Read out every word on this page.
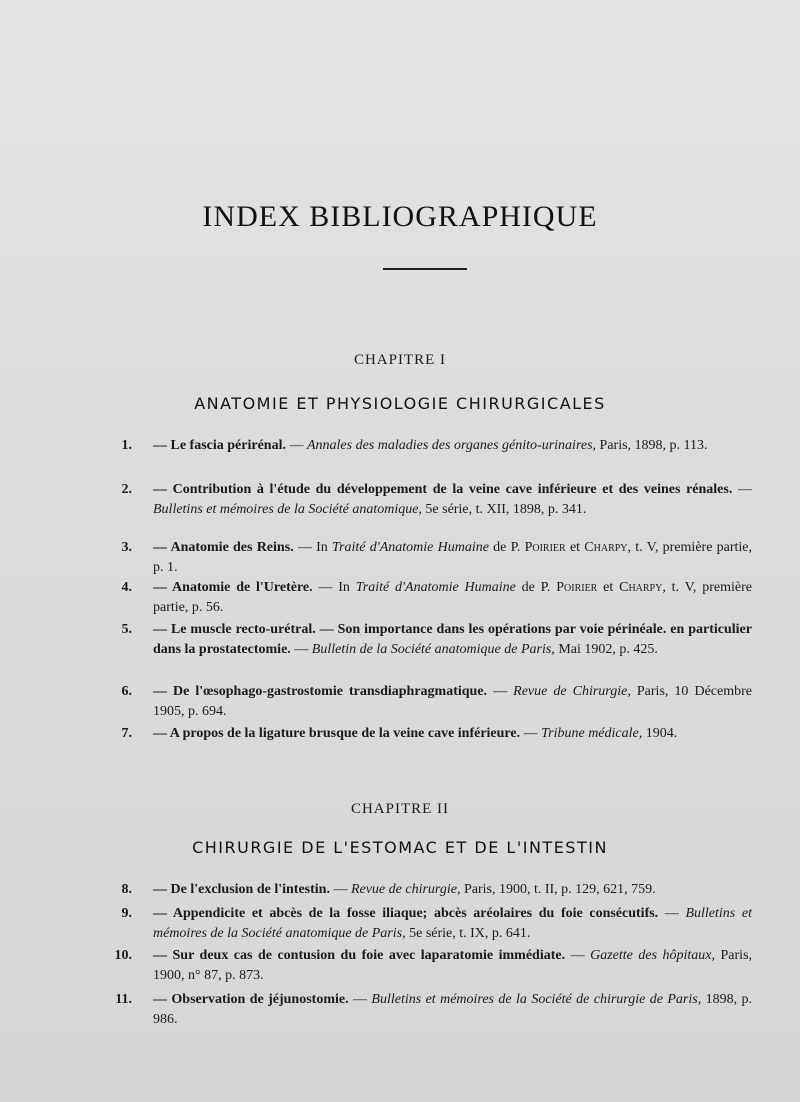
INDEX BIBLIOGRAPHIQUE
CHAPITRE I
ANATOMIE ET PHYSIOLOGIE CHIRURGICALES
1. — Le fascia périrénal. — Annales des maladies des organes génito-urinaires, Paris, 1898, p. 113.
2. — Contribution à l'étude du développement de la veine cave inférieure et des veines rénales. — Bulletins et mémoires de la Société anatomique, 5e série, t. XII, 1898, p. 341.
3. — Anatomie des Reins. — In Traité d'Anatomie Humaine de P. Poirier et Charpy, t. V, première partie, p. 1.
4. — Anatomie de l'Uretère. — In Traité d'Anatomie Humaine de P. Poirier et Charpy, t. V, première partie, p. 56.
5. — Le muscle recto-urétral. — Son importance dans les opérations par voie périnéale. en particulier dans la prostatectomie. — Bulletin de la Société anatomique de Paris, Mai 1902, p. 425.
6. — De l'œsophago-gastrostomie transdiaphragmatique. — Revue de Chirurgie, Paris, 10 Décembre 1905, p. 694.
7. — A propos de la ligature brusque de la veine cave inférieure. — Tribune médicale, 1904.
CHAPITRE II
CHIRURGIE DE L'ESTOMAC ET DE L'INTESTIN
8. — De l'exclusion de l'intestin. — Revue de chirurgie, Paris, 1900, t. II, p. 129, 621, 759.
9. — Appendicite et abcès de la fosse iliaque; abcès aréolaires du foie consécutifs. — Bulletins et mémoires de la Société anatomique de Paris, 5e série, t. IX, p. 641.
10. — Sur deux cas de contusion du foie avec laparatomie immédiate. — Gazette des hôpitaux, Paris, 1900, n° 87, p. 873.
11. — Observation de jéjunostomie. — Bulletins et mémoires de la Société de chirurgie de Paris, 1898, p. 986.
